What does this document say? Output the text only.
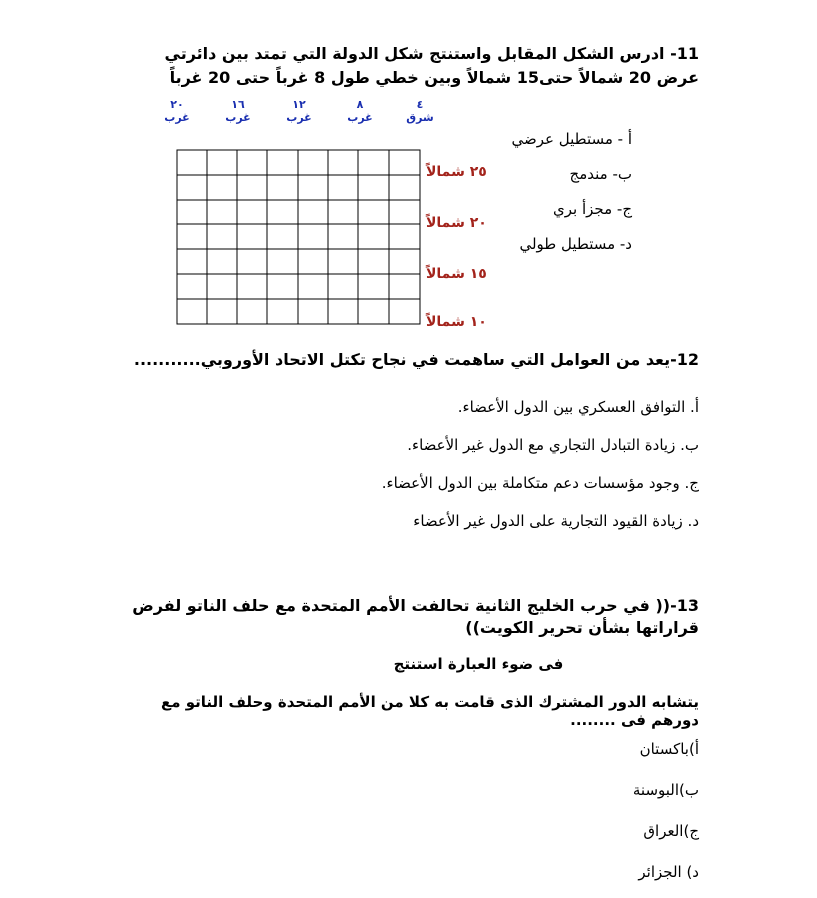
11- ادرس الشكل المقابل واستنتج شكل الدولة التي تمتد بين دائرتي عرض 20 شمالاً حتى15 شمالاً وبين خطي طول 8 غرباً حتى 20 غرباً
٢٠ غرب
١٦ غرب
١٢ غرب
٨ غرب
٤ شرق
٢٥ شمالاً
٢٠ شمالاً
١٥ شمالاً
١٠ شمالاً
أ - مستطيل عرضي
ب- مندمج
ج- مجزأ بري
د- مستطيل طولي
12-يعد من العوامل التي ساهمت في نجاح تكتل الاتحاد الأوروبي...........
أ. التوافق العسكري بين الدول الأعضاء.
ب. زيادة التبادل التجاري مع الدول غير الأعضاء.
ج. وجود مؤسسات دعم متكاملة بين الدول الأعضاء.
د. زيادة القيود التجارية على الدول غير الأعضاء
13-(( في حرب الخليج الثانية تحالفت الأمم المتحدة مع حلف الناتو لفرض قراراتها بشأن تحرير الكويت))
فى ضوء العبارة استنتج
يتشابه الدور المشترك الذى قامت به كلا من الأمم المتحدة وحلف الناتو مع دورهم فى ........
أ)باكستان
ب)البوسنة
ج)العراق
د) الجزائر
